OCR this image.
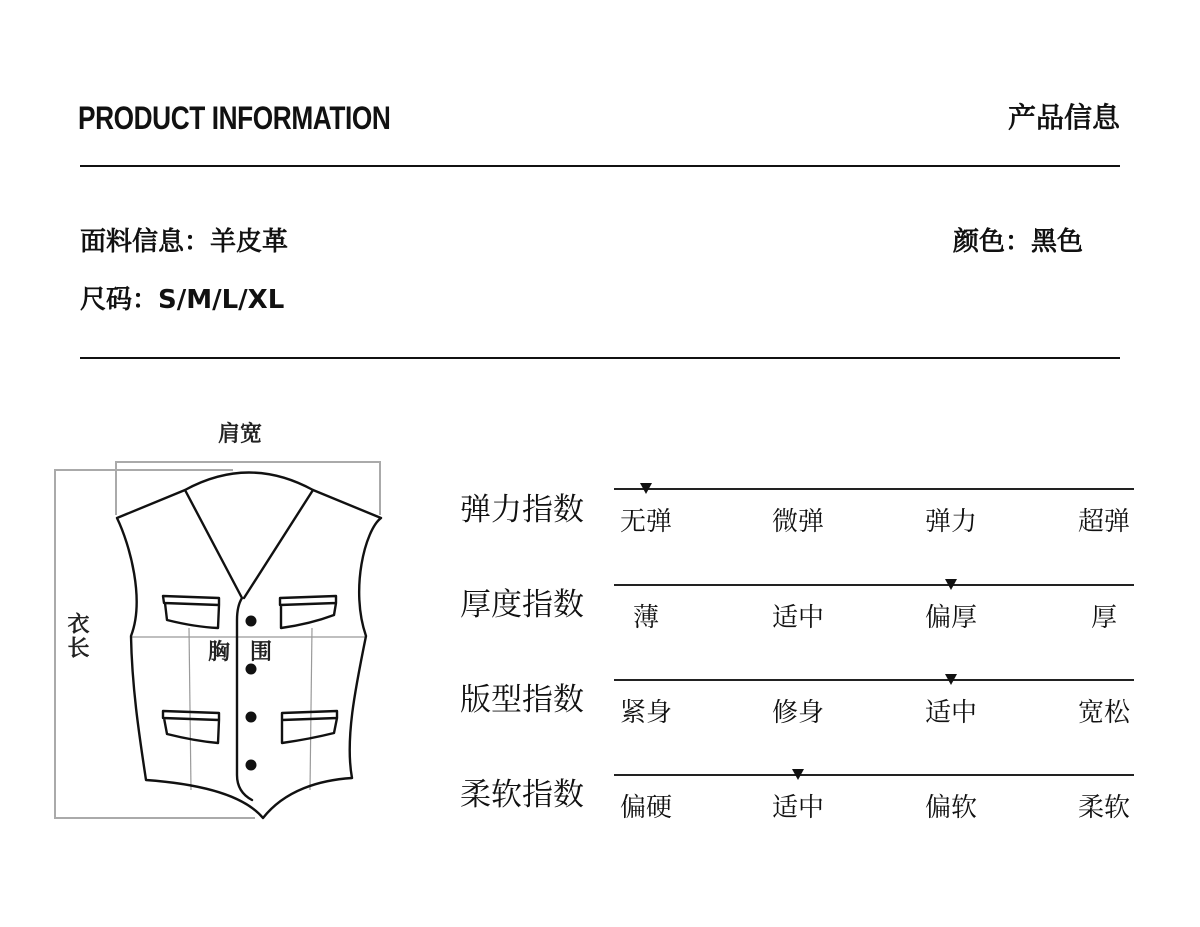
PRODUCT INFORMATION	产品信息
面料信息：羊皮革	颜色：黑色
尺码：S/M/L/XL
肩宽
衣长	胸围
弹力指数 无弹	微弹	弹力	超弹
厚度指数 薄	适中	偏厚	厚
版型指数 紧身	修身	适中	宽松
柔软指数 偏硬	适中	偏软	柔软
